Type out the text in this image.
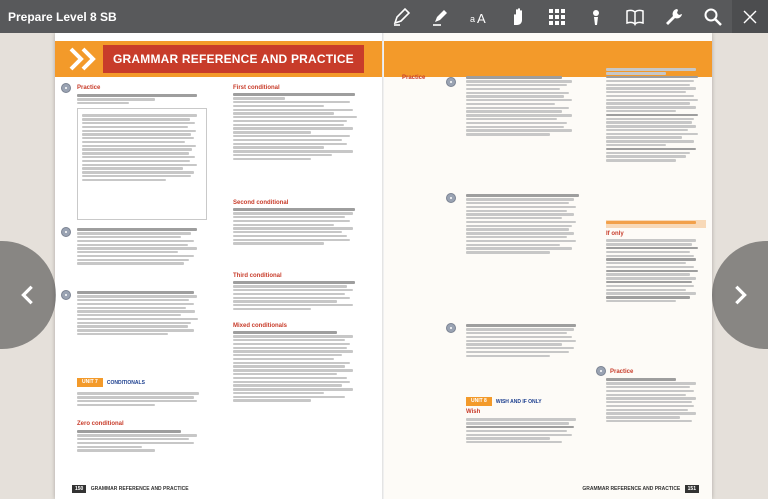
Prepare Level 8 SB	a A
GRAMMAR REFERENCE AND PRACTICE
Practice
UNIT 7	CONDITIONALS
Zero conditional
First conditional
Second conditional
Third conditional
Mixed conditionals
150 GRAMMAR REFERENCE AND PRACTICE
Practice
UNIT 8	WISH AND IF ONLY
Wish
If only
Practice
GRAMMAR REFERENCE AND PRACTICE 151
